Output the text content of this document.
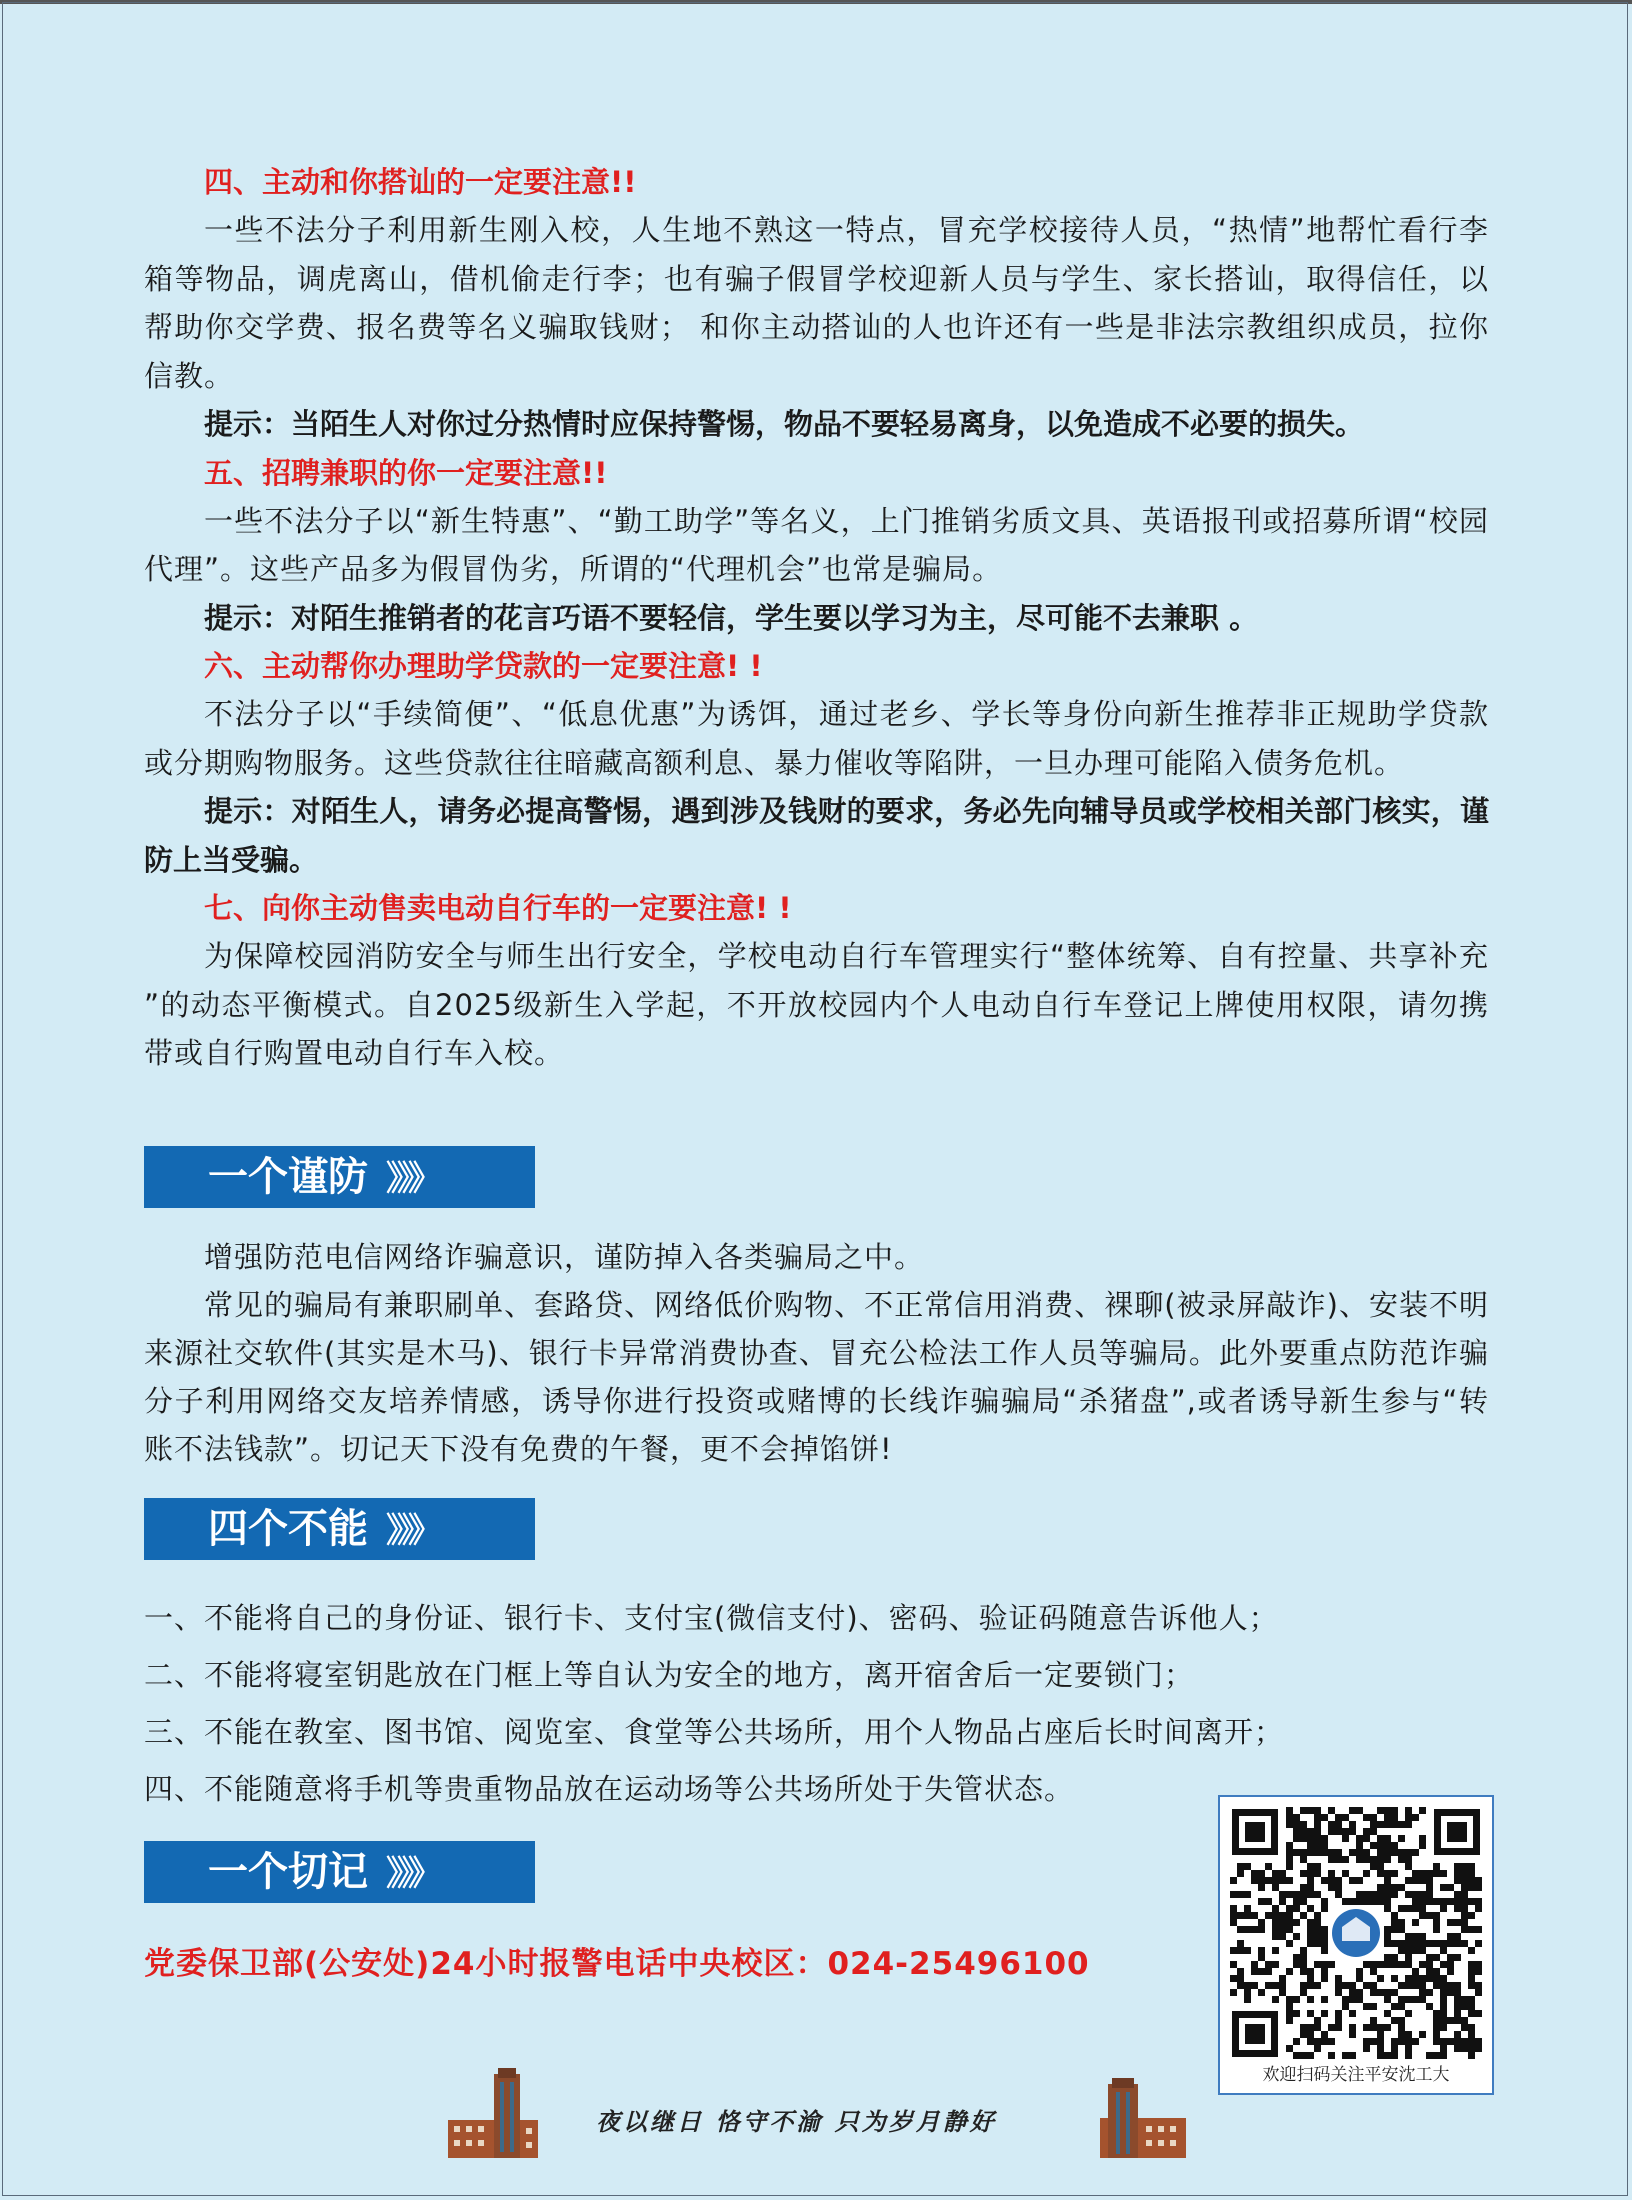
四、主动和你搭讪的一定要注意!!

一些不法分子利用新生刚入校，人生地不熟这一特点，冒充学校接待人员，“热情”地帮忙看行李箱等物品，调虎离山，借机偷走行李；也有骗子假冒学校迎新人员与学生、家长搭讪，取得信任，以帮助你交学费、报名费等名义骗取钱财； 和你主动搭讪的人也许还有一些是非法宗教组织成员，拉你信教。

提示：当陌生人对你过分热情时应保持警惕，物品不要轻易离身，以免造成不必要的损失。

五、招聘兼职的你一定要注意!!

一些不法分子以“新生特惠”、“勤工助学”等名义，上门推销劣质文具、英语报刊或招募所谓“校园代理”。这些产品多为假冒伪劣，所谓的“代理机会”也常是骗局。

提示：对陌生推销者的花言巧语不要轻信，学生要以学习为主，尽可能不去兼职 。

六、主动帮你办理助学贷款的一定要注意! !

不法分子以“手续简便”、“低息优惠”为诱饵，通过老乡、学长等身份向新生推荐非正规助学贷款或分期购物服务。这些贷款往往暗藏高额利息、暴力催收等陷阱，一旦办理可能陷入债务危机。

提示：对陌生人，请务必提高警惕，遇到涉及钱财的要求，务必先向辅导员或学校相关部门核实，谨防上当受骗。

七、向你主动售卖电动自行车的一定要注意! !

为保障校园消防安全与师生出行安全，学校电动自行车管理实行“整体统筹、自有控量、共享补充 ”的动态平衡模式。自2025级新生入学起，不开放校园内个人电动自行车登记上牌使用权限，请勿携带或自行购置电动自行车入校。

一个谨防 》》》

增强防范电信网络诈骗意识，谨防掉入各类骗局之中。

常见的骗局有兼职刷单、套路贷、网络低价购物、不正常信用消费、裸聊(被录屏敲诈)、安装不明来源社交软件(其实是木马)、银行卡异常消费协查、冒充公检法工作人员等骗局。此外要重点防范诈骗分子利用网络交友培养情感，诱导你进行投资或赌博的长线诈骗骗局“杀猪盘”,或者诱导新生参与“转账不法钱款”。切记天下没有免费的午餐，更不会掉馅饼!

四个不能 》》》
一、不能将自己的身份证、银行卡、支付宝(微信支付)、密码、验证码随意告诉他人；
二、不能将寝室钥匙放在门框上等自认为安全的地方，离开宿舍后一定要锁门；
三、不能在教室、图书馆、阅览室、食堂等公共场所，用个人物品占座后长时间离开；
四、不能随意将手机等贵重物品放在运动场等公共场所处于失管状态。
一个切记 》》》
党委保卫部(公安处)24小时报警电话中央校区：024-25496100
欢迎扫码关注平安沈工大
夜以继日 恪守不渝 只为岁月静好
